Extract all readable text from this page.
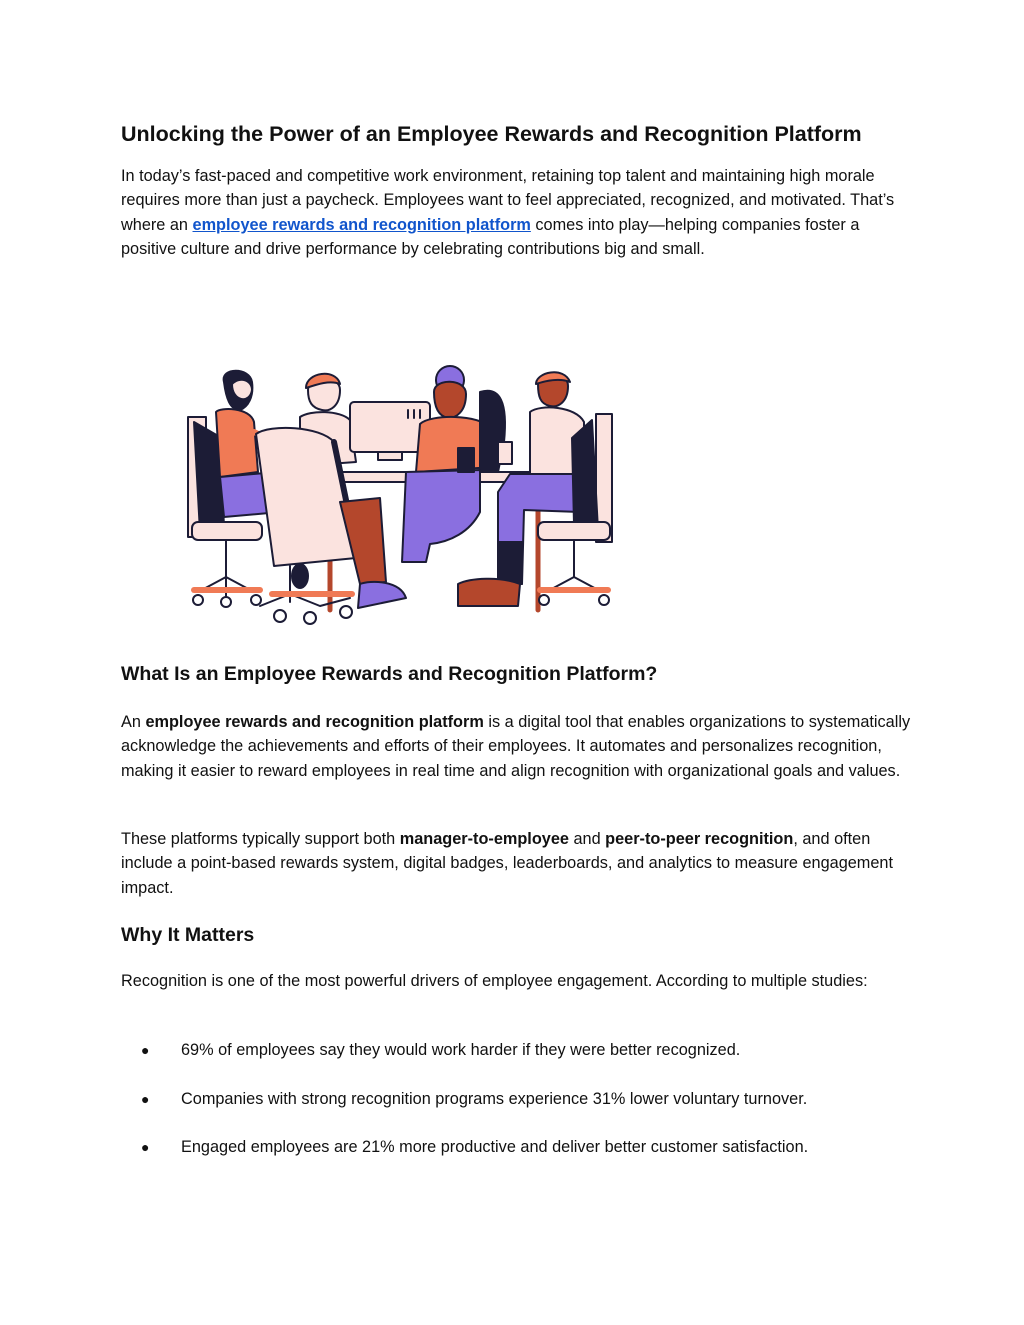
Unlocking the Power of an Employee Rewards and Recognition Platform

In today’s fast-paced and competitive work environment, retaining top talent and maintaining high morale requires more than just a paycheck. Employees want to feel appreciated, recognized, and motivated. That’s where an employee rewards and recognition platform comes into play—helping companies foster a positive culture and drive performance by celebrating contributions big and small.

What Is an Employee Rewards and Recognition Platform?

An employee rewards and recognition platform is a digital tool that enables organizations to systematically acknowledge the achievements and efforts of their employees. It automates and personalizes recognition, making it easier to reward employees in real time and align recognition with organizational goals and values.

These platforms typically support both manager-to-employee and peer-to-peer recognition, and often include a point-based rewards system, digital badges, leaderboards, and analytics to measure engagement impact.

Why It Matters

Recognition is one of the most powerful drivers of employee engagement. According to multiple studies:

● 69% of employees say they would work harder if they were better recognized.
● Companies with strong recognition programs experience 31% lower voluntary turnover.
● Engaged employees are 21% more productive and deliver better customer satisfaction.
